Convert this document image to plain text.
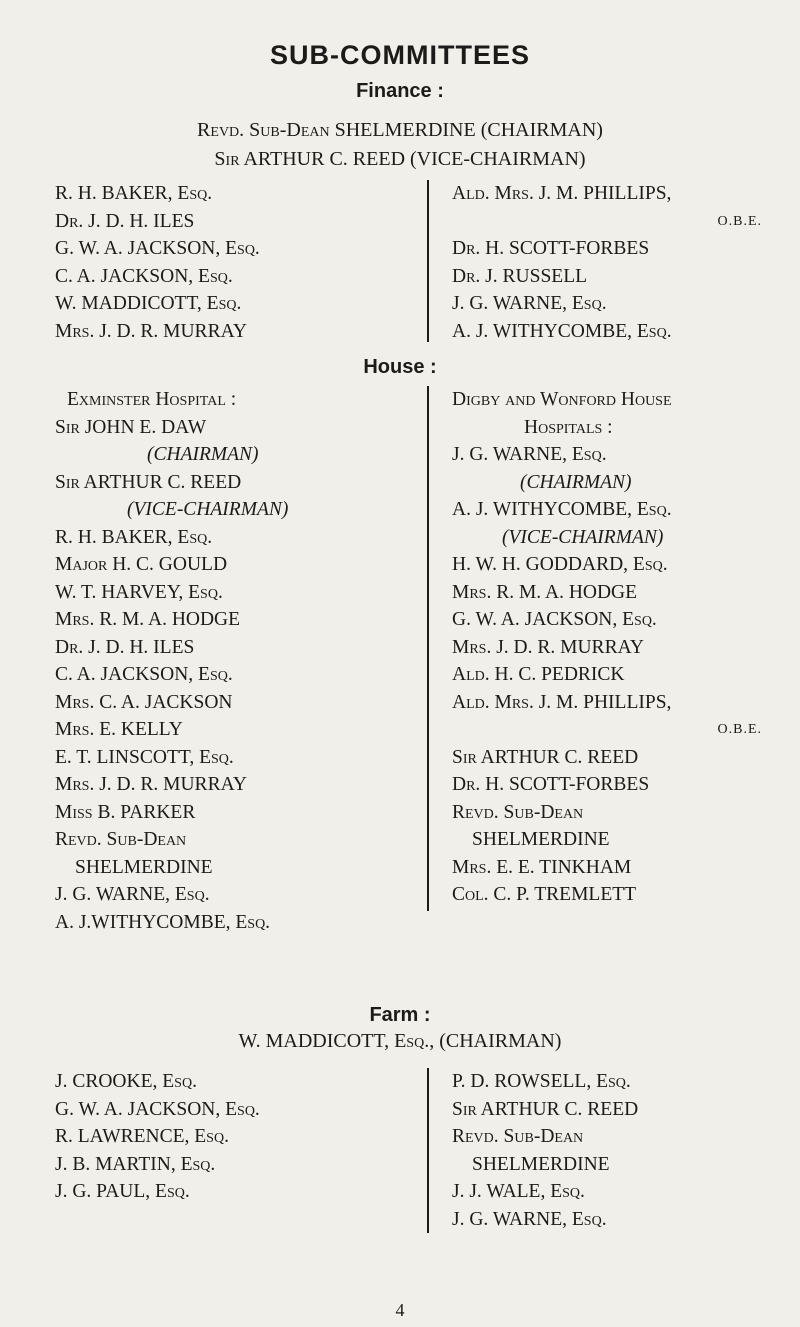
SUB-COMMITTEES
Finance :
Revd. Sub-Dean SHELMERDINE (CHAIRMAN)
Sir ARTHUR C. REED (VICE-CHAIRMAN)
R. H. BAKER, Esq.
Dr. J. D. H. ILES
G. W. A. JACKSON, Esq.
C. A. JACKSON, Esq.
W. MADDICOTT, Esq.
Mrs. J. D. R. MURRAY
Ald. Mrs. J. M. PHILLIPS,
O.B.E.
Dr. H. SCOTT-FORBES
Dr. J. RUSSELL
J. G. WARNE, Esq.
A. J. WITHYCOMBE, Esq.
House :
Exminster Hospital :
Sir JOHN E. DAW
(CHAIRMAN)
Sir ARTHUR C. REED
(VICE-CHAIRMAN)
R. H. BAKER, Esq.
Major H. C. GOULD
W. T. HARVEY, Esq.
Mrs. R. M. A. HODGE
Dr. J. D. H. ILES
C. A. JACKSON, Esq.
Mrs. C. A. JACKSON
Mrs. E. KELLY
E. T. LINSCOTT, Esq.
Mrs. J. D. R. MURRAY
Miss B. PARKER
Revd. Sub-Dean
SHELMERDINE
J. G. WARNE, Esq.
A. J.WITHYCOMBE, Esq.
Digby and Wonford House
Hospitals :
J. G. WARNE, Esq.
(CHAIRMAN)
A. J. WITHYCOMBE, Esq.
(VICE-CHAIRMAN)
H. W. H. GODDARD, Esq.
Mrs. R. M. A. HODGE
G. W. A. JACKSON, Esq.
Mrs. J. D. R. MURRAY
Ald. H. C. PEDRICK
Ald. Mrs. J. M. PHILLIPS,
O.B.E.
Sir ARTHUR C. REED
Dr. H. SCOTT-FORBES
Revd. Sub-Dean
SHELMERDINE
Mrs. E. E. TINKHAM
Col. C. P. TREMLETT
Farm :
W. MADDICOTT, Esq., (CHAIRMAN)
J. CROOKE, Esq.
G. W. A. JACKSON, Esq.
R. LAWRENCE, Esq.
J. B. MARTIN, Esq.
J. G. PAUL, Esq.
P. D. ROWSELL, Esq.
Sir ARTHUR C. REED
Revd. Sub-Dean
SHELMERDINE
J. J. WALE, Esq.
J. G. WARNE, Esq.
4
